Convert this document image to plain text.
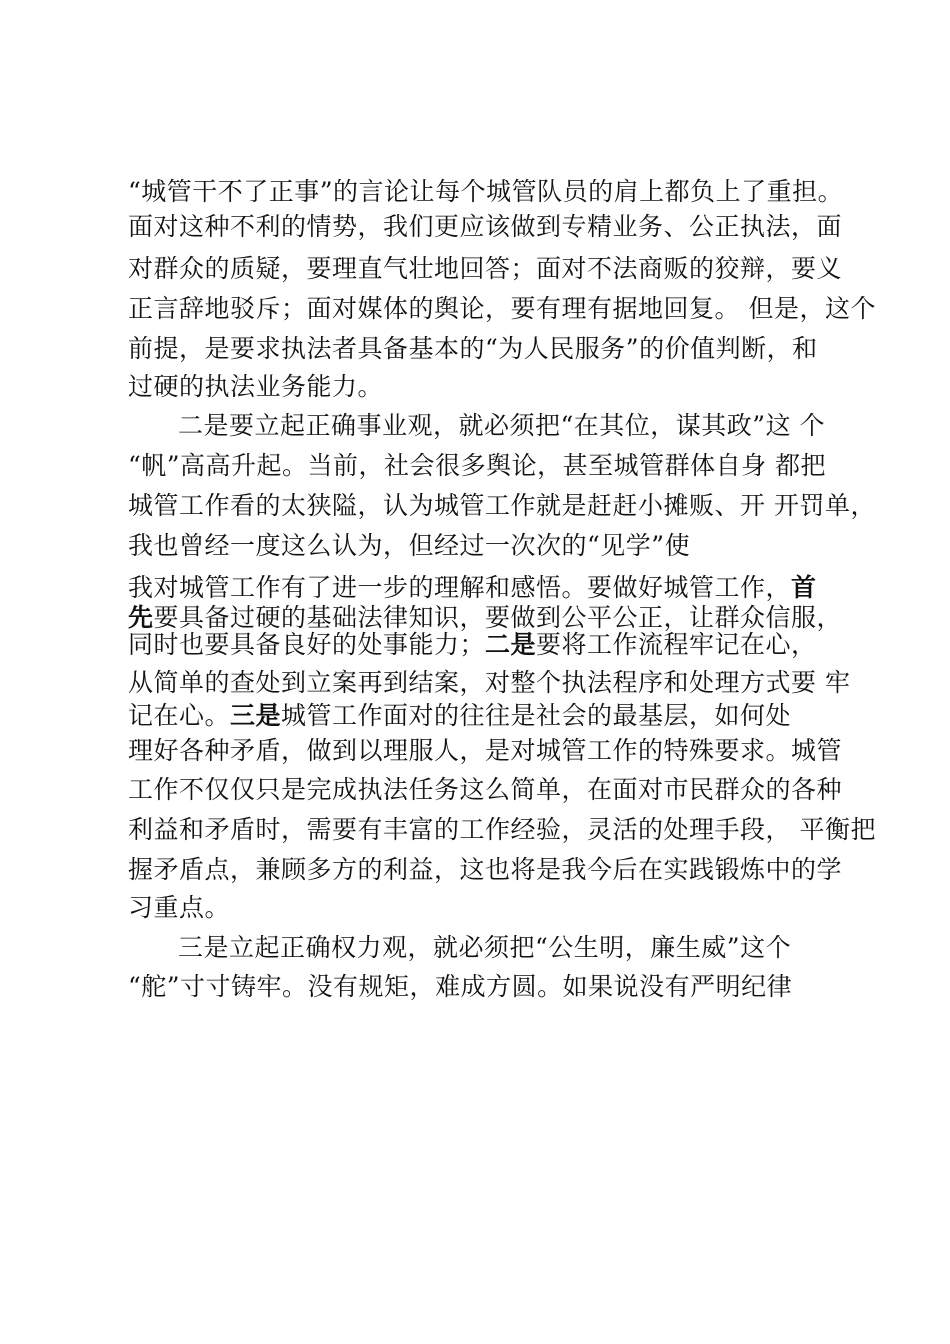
“城管干不了正事”的言论让每个城管队员的肩上都负上了重担。
面对这种不利的情势，我们更应该做到专精业务、公正执法，面
对群众的质疑，要理直气壮地回答；面对不法商贩的狡辩，要义
正言辞地驳斥；面对媒体的舆论，要有理有据地回复。 但是，这个
前提，是要求执法者具备基本的“为人民服务”的价值判断，和
过硬的执法业务能力。
二是要立起正确事业观，就必须把“在其位，谋其政”这 个
“帆”高高升起。当前，社会很多舆论，甚至城管群体自身 都把
城管工作看的太狭隘，认为城管工作就是赶赶小摊贩、开 开罚单，
我也曾经一度这么认为，但经过一次次的“见学”使
我对城管工作有了进一步的理解和感悟。要做好城管工作，首
先要具备过硬的基础法律知识，要做到公平公正，让群众信服，
同时也要具备良好的处事能力；二是要将工作流程牢记在心，
从简单的查处到立案再到结案，对整个执法程序和处理方式要 牢
记在心。三是城管工作面对的往往是社会的最基层，如何处
理好各种矛盾，做到以理服人，是对城管工作的特殊要求。城管
工作不仅仅只是完成执法任务这么简单，在面对市民群众的各种
利益和矛盾时，需要有丰富的工作经验，灵活的处理手段， 平衡把
握矛盾点，兼顾多方的利益，这也将是我今后在实践锻炼中的学
习重点。
三是立起正确权力观，就必须把“公生明，廉生威”这个
“舵”寸寸铸牢。没有规矩，难成方圆。如果说没有严明纪律
